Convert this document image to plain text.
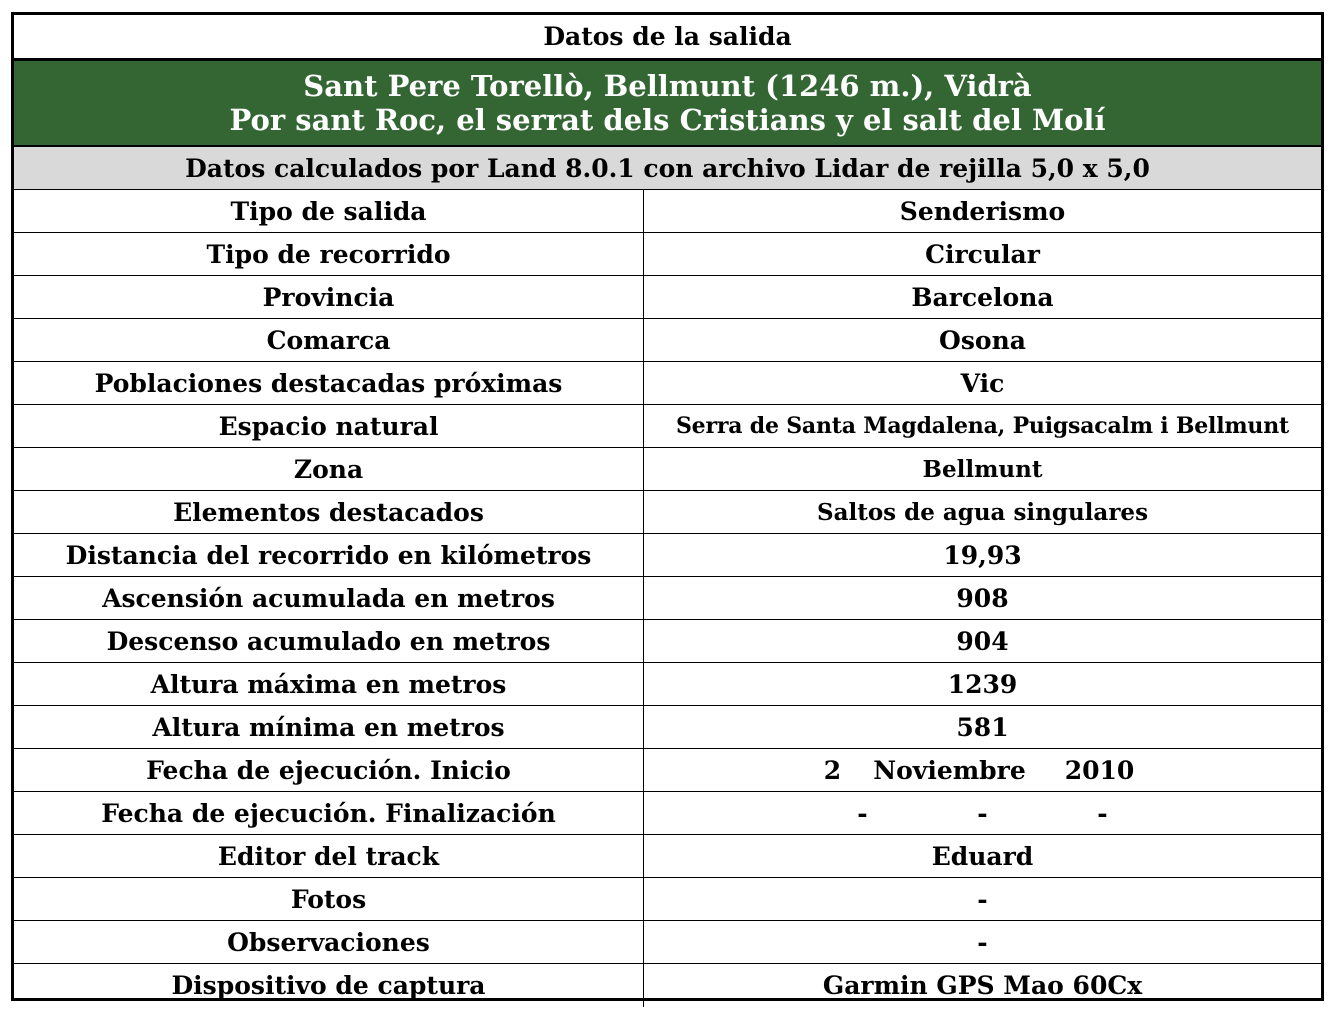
Datos de la salida
Sant Pere Torellò, Bellmunt (1246 m.), Vidrà
Por sant Roc, el serrat dels Cristians y el salt del Molí
Datos calculados por Land 8.0.1 con archivo Lidar de rejilla 5,0 x 5,0
Tipo de salida	Senderismo
Tipo de recorrido	Circular
Provincia	Barcelona
Comarca	Osona
Poblaciones destacadas próximas	Vic
Espacio natural	Serra de Santa Magdalena, Puigsacalm i Bellmunt
Zona	Bellmunt
Elementos destacados	Saltos de agua singulares
Distancia del recorrido en kilómetros	19,93
Ascensión acumulada en metros	908
Descenso acumulado en metros	904
Altura máxima en metros	1239
Altura mínima en metros	581
Fecha de ejecución. Inicio	2	Noviembre	2010
Fecha de ejecución. Finalización	-	-	-
Editor del track	Eduard
Fotos	-
Observaciones	-
Dispositivo de captura	Garmin GPS Mao 60Cx
